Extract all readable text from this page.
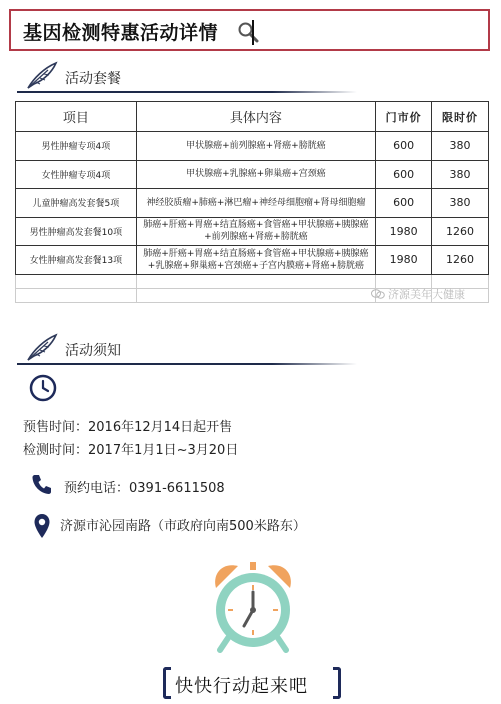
基因检测特惠活动详情
活动套餐
项目	具体内容	门市价	限时价
男性肿瘤专项4项	甲状腺癌+前列腺癌+肾癌+膀胱癌	600	380
女性肿瘤专项4项	甲状腺癌+乳腺癌+卵巢癌+宫颈癌	600	380
儿童肿瘤高发套餐5项	神经胶质瘤+肺癌+淋巴瘤+神经母细胞瘤+肾母细胞瘤	600	380
男性肿瘤高发套餐10项	肺癌+肝癌+胃癌+结直肠癌+食管癌+甲状腺癌+胰腺癌+前列腺癌+肾癌+膀胱癌	1980	1260
女性肿瘤高发套餐13项	肺癌+肝癌+胃癌+结直肠癌+食管癌+甲状腺癌+胰腺癌+乳腺癌+卵巢癌+宫颈癌+子宫内膜癌+肾癌+膀胱癌	1980	1260

济源美年大健康
活动须知
预售时间：2016年12月14日起开售
检测时间：2017年1月1日~3月20日
预约电话：0391-6611508
济源市沁园南路（市政府向南500米路东）
快快行动起来吧
